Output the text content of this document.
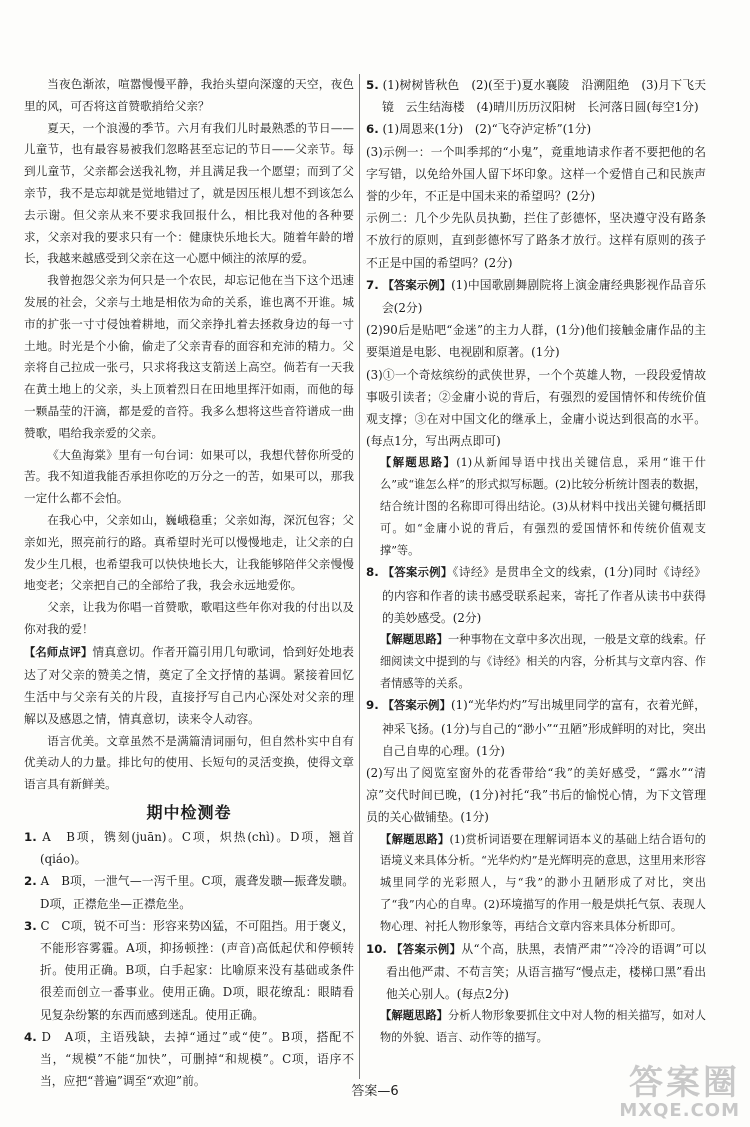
当夜色渐浓，喧嚣慢慢平静，我抬头望向深邃的天空，夜色里的风，可否将这首赞歌捎给父亲？

夏天，一个浪漫的季节。六月有我们儿时最熟悉的节日——儿童节，也有最容易被我们忽略甚至忘记的节日——父亲节。每到儿童节，父亲都会送我礼物，并且满足我一个愿望；而到了父亲节，我不是忘却就是觉地错过了，就是因压根儿想不到该怎么去示谢。但父亲从来不要求我回报什么，相比我对他的各种要求，父亲对我的要求只有一个：健康快乐地长大。随着年龄的增长，我越来越感受到父亲在这一心愿中倾注的浓厚的爱。

我曾抱怨父亲为何只是一个农民，却忘记他在当下这个迅速发展的社会，父亲与土地是相依为命的关系，谁也离不开谁。城市的扩张一寸寸侵蚀着耕地，而父亲挣扎着去拯救身边的每一寸土地。时光是个小偷，偷走了父亲青春的面容和充沛的精力。父亲将自己拉成一张弓，只求将我这支箭送上高空。倘若有一天我在黄土地上的父亲，头上顶着烈日在田地里挥汗如雨，而他的每一颗晶莹的汗滴，都是爱的音符。我多么想将这些音符谱成一曲赞歌，唱给我亲爱的父亲。

《大鱼海棠》里有一句台词：如果可以，我想代替你所受的苦。我不知道我能否承担你吃的万分之一的苦，如果可以，那我一定什么都不会怕。

在我心中，父亲如山，巍峨稳重；父亲如海，深沉包容；父亲如光，照亮前行的路。真希望时光可以慢慢地走，让父亲的白发少生几根，也希望我可以快快地长大，让我能够陪伴父亲慢慢地变老；父亲把自己的全部给了我，我会永远地爱你。

父亲，让我为你唱一首赞歌，歌唱这些年你对我的付出以及你对我的爱！

【名师点评】情真意切。作者开篇引用几句歌词，恰到好处地表达了对父亲的赞美之情，奠定了全文抒情的基调。紧接着回忆生活中与父亲有关的片段，直接抒写自己内心深处对父亲的理解以及感恩之情，情真意切，读来令人动容。

语言优美。文章虽然不是满篇清词丽句，但自然朴实中自有优美动人的力量。排比句的使用、长短句的灵活变换，使得文章语言具有新鲜美。

期中检测卷

1. A　B项，镌刻(juān)。C项，炽热(chì)。D项，翘首(qiáo)。

2. A　B项，一泄气—一泻千里。C项，震聋发聩—振聋发聩。D项，正襟危坐—正襟危坐。

3. C　C项，锐不可当：形容来势凶猛，不可阻挡。用于褒义，不能形容雾霾。A项，抑扬顿挫：(声音)高低起伏和停顿转折。使用正确。B项，白手起家：比喻原来没有基础或条件很差而创立一番事业。使用正确。D项，眼花缭乱：眼睛看见复杂纷繁的东西而感到迷乱。使用正确。

4. D　A项，主语残缺，去掉“通过”或“使”。B项，搭配不当，“规模”不能“加快”，可删掉“和规模”。C项，语序不当，应把“普遍”调至“欢迎”前。

5. (1)树树皆秋色　(2)(至于)夏水襄陵　沿溯阻绝　(3)月下飞天镜　云生结海楼　(4)晴川历历汉阳树　长河落日圆(每空1分)

6. (1)周恩来(1分)　(2)“飞夺泸定桥”(1分)

(3)示例一：一个叫季邦的“小鬼”，竟重地请求作者不要把他的名字写错，以免给外国人留下坏印象。这样一个爱惜自己和民族声誉的少年，不正是中国未来的希望吗？(2分)

示例二：几个少先队员执勤，拦住了彭德怀，坚决遵守没有路条不放行的原则，直到彭德怀写了路条才放行。这样有原则的孩子不正是中国的希望吗？(2分)

7. 【答案示例】(1)中国歌剧舞剧院将上演金庸经典影视作品音乐会(2分)

(2)90后是贴吧“金迷”的主力人群，(1分)他们接触金庸作品的主要渠道是电影、电视剧和原著。(1分)

(3)①一个奇炫缤纷的武侠世界，一个个英雄人物，一段段爱情故事吸引读者；②金庸小说的背后，有强烈的爱国情怀和传统价值观支撑；③在对中国文化的继承上，金庸小说达到很高的水平。(每点1分，写出两点即可)

【解题思路】(1)从新闻导语中找出关键信息，采用“谁干什么”或“谁怎么样”的形式拟写标题。(2)比较分析统计图表的数据，结合统计图的名称即可得出结论。(3)从材料中找出关键句概括即可。如“金庸小说的背后，有强烈的爱国情怀和传统价值观支撑”等。

8. 【答案示例】《诗经》是贯串全文的线索，(1分)同时《诗经》的内容和作者的读书感受联系起来，寄托了作者从读书中获得的美妙感受。(2分)

【解题思路】一种事物在文章中多次出现，一般是文章的线索。仔细阅读文中提到的与《诗经》相关的内容，分析其与文章内容、作者情感等的关系。

9. 【答案示例】(1)“光华灼灼”写出城里同学的富有，衣着光鲜，神采飞扬。(1分)与自己的“渺小”“丑陋”形成鲜明的对比，突出自己自卑的心理。(1分)

(2)写出了阅览室窗外的花香带给“我”的美好感受，“露水”“清凉”交代时间已晚，(1分)衬托“我”书后的愉悦心情，为下文管理员的关心做铺垫。(1分)

【解题思路】(1)赏析词语要在理解词语本义的基础上结合语句的语境义来具体分析。“光华灼灼”是光辉明亮的意思，这里用来形容城里同学的光彩照人，与“我”的渺小丑陋形成了对比，突出了“我”内心的自卑。(2)环境描写的作用一般是烘托气氛、表现人物心理、衬托人物形象等，再结合文章内容来具体分析即可。

10. 【答案示例】从“个高，肤黑，表情严肃”“冷冷的语调”可以看出他严肃、不苟言笑；从语言描写“慢点走，楼梯口黑”看出他关心别人。(每点2分)

【解题思路】分析人物形象要抓住文中对人物的相关描写，如对人物的外貌、语言、动作等的描写。

答案—6	答案圈
MXQE.COM
